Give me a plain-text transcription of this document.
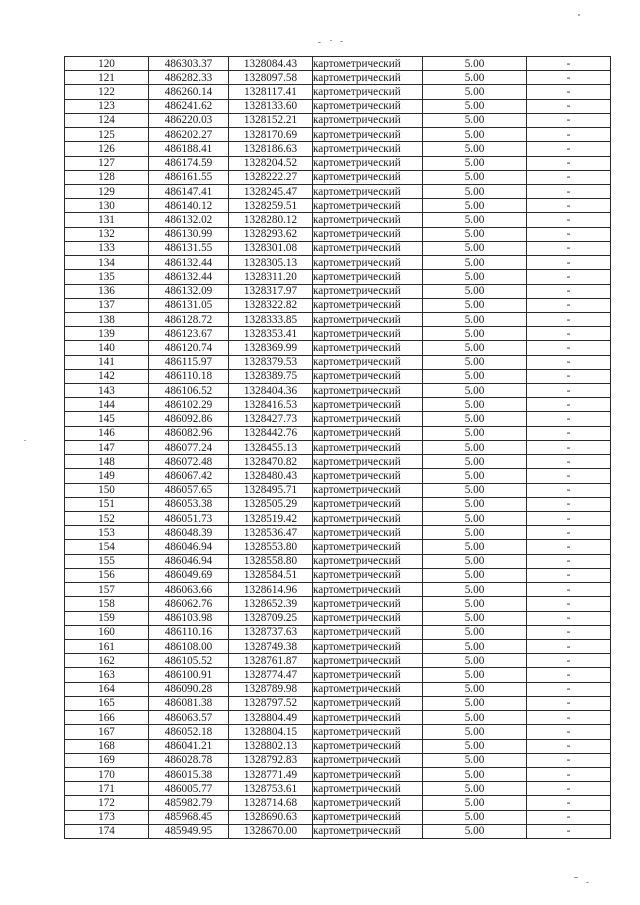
120	486303.37	1328084.43	картометрический	5.00	-
121	486282.33	1328097.58	картометрический	5.00	-
122	486260.14	1328117.41	картометрический	5.00	-
123	486241.62	1328133.60	картометрический	5.00	-
124	486220.03	1328152.21	картометрический	5.00	-
125	486202.27	1328170.69	картометрический	5.00	-
126	486188.41	1328186.63	картометрический	5.00	-
127	486174.59	1328204.52	картометрический	5.00	-
128	486161.55	1328222.27	картометрический	5.00	-
129	486147.41	1328245.47	картометрический	5.00	-
130	486140.12	1328259.51	картометрический	5.00	-
131	486132.02	1328280.12	картометрический	5.00	-
132	486130.99	1328293.62	картометрический	5.00	-
133	486131.55	1328301.08	картометрический	5.00	-
134	486132.44	1328305.13	картометрический	5.00	-
135	486132.44	1328311.20	картометрический	5.00	-
136	486132.09	1328317.97	картометрический	5.00	-
137	486131.05	1328322.82	картометрический	5.00	-
138	486128.72	1328333.85	картометрический	5.00	-
139	486123.67	1328353.41	картометрический	5.00	-
140	486120.74	1328369.99	картометрический	5.00	-
141	486115.97	1328379.53	картометрический	5.00	-
142	486110.18	1328389.75	картометрический	5.00	-
143	486106.52	1328404.36	картометрический	5.00	-
144	486102.29	1328416.53	картометрический	5.00	-
145	486092.86	1328427.73	картометрический	5.00	-
146	486082.96	1328442.76	картометрический	5.00	-
147	486077.24	1328455.13	картометрический	5.00	-
148	486072.48	1328470.82	картометрический	5.00	-
149	486067.42	1328480.43	картометрический	5.00	-
150	486057.65	1328495.71	картометрический	5.00	-
151	486053.38	1328505.29	картометрический	5.00	-
152	486051.73	1328519.42	картометрический	5.00	-
153	486048.39	1328536.47	картометрический	5.00	-
154	486046.94	1328553.80	картометрический	5.00	-
155	486046.94	1328558.80	картометрический	5.00	-
156	486049.69	1328584.51	картометрический	5.00	-
157	486063.66	1328614.96	картометрический	5.00	-
158	486062.76	1328652.39	картометрический	5.00	-
159	486103.98	1328709.25	картометрический	5.00	-
160	486110.16	1328737.63	картометрический	5.00	-
161	486108.00	1328749.38	картометрический	5.00	-
162	486105.52	1328761.87	картометрический	5.00	-
163	486100.91	1328774.47	картометрический	5.00	-
164	486090.28	1328789.98	картометрический	5.00	-
165	486081.38	1328797.52	картометрический	5.00	-
166	486063.57	1328804.49	картометрический	5.00	-
167	486052.18	1328804.15	картометрический	5.00	-
168	486041.21	1328802.13	картометрический	5.00	-
169	486028.78	1328792.83	картометрический	5.00	-
170	486015.38	1328771.49	картометрический	5.00	-
171	486005.77	1328753.61	картометрический	5.00	-
172	485982.79	1328714.68	картометрический	5.00	-
173	485968.45	1328690.63	картометрический	5.00	-
174	485949.95	1328670.00	картометрический	5.00	-
